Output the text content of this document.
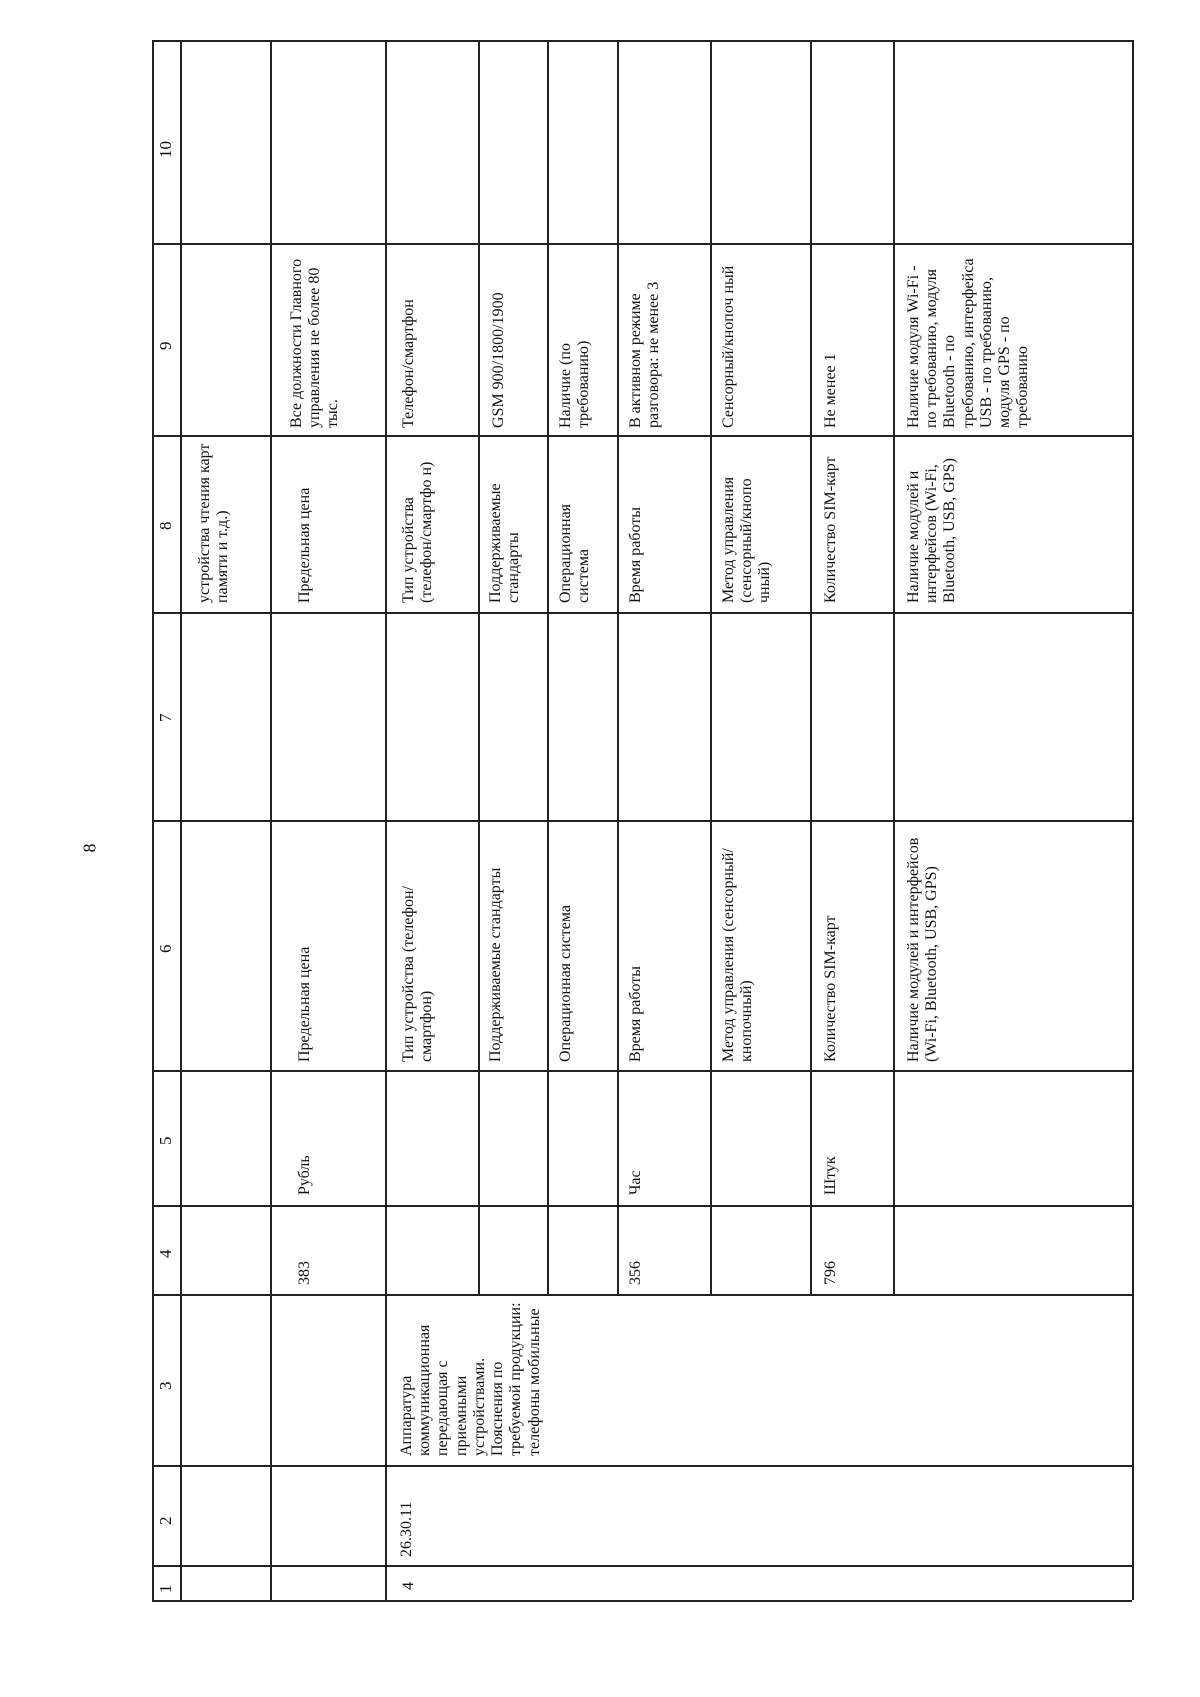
8
10
9
8
7
6
5
4
3
2
1
устройства чтения карт памяти и т.д.)
383
Рубль
Предельная цена
Предельная цена
Все должности Главного управления не более 80 тыс.
4
26.30.11
Аппаратура коммуникационная передающая с приемными устройствами. Пояснения по требуемой продукции: телефоны мобильные
Тип устройства (телефон/смартфон)
Тип устройства (телефон/смартфо н)
Телефон/смартфон
Поддерживаемые стандарты
Поддерживаемые стандарты
GSM 900/1800/1900
Операционная система
Операционная система
Наличие (по требованию)
356
Час
Время работы
Время работы
В активном режиме разговора: не менее 3
Метод управления (сенсорный/кнопочный)
Метод управления (сенсорный/кнопо чный)
Сенсорный/кнопоч ный
796
Штук
Количество SIM-карт
Количество SIM-карт
Не менее 1
Наличие модулей и интерфейсов (Wi-Fi, Bluetooth, USB, GPS)
Наличие модулей и интерфейсов (Wi-Fi, Bluetooth, USB, GPS)
Наличие модуля Wi-Fi - по требованию, модуля Bluetooth - по требованию, интерфейса USB - по требованию, модуля GPS - по требованию
